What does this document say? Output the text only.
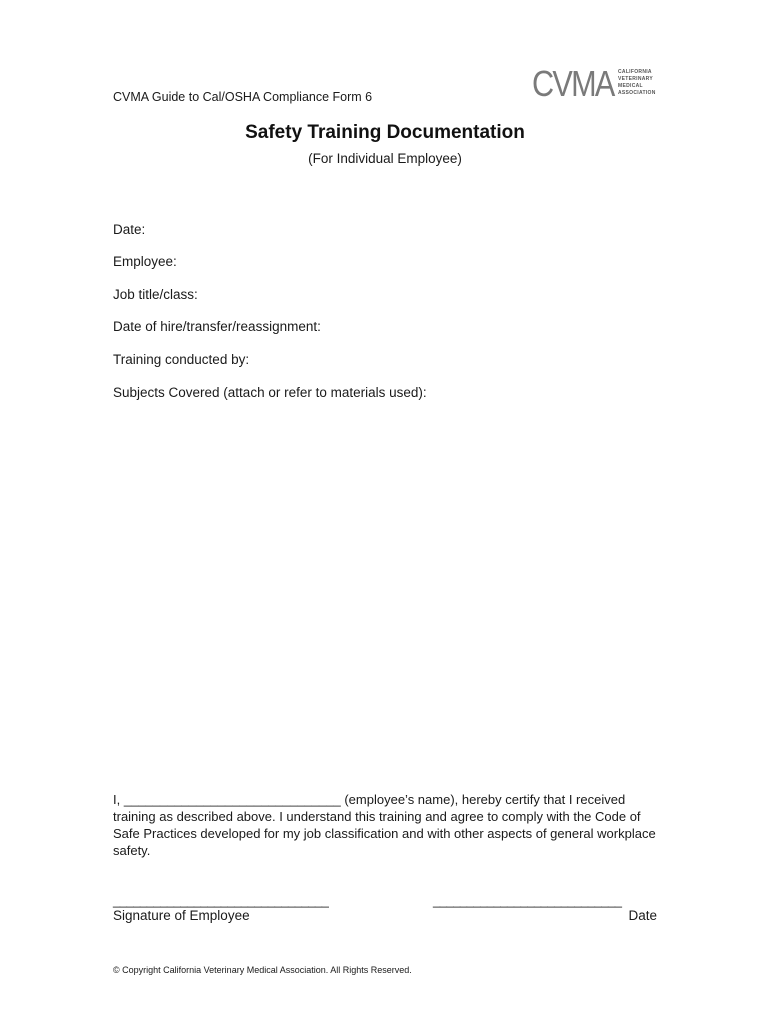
CVMA Guide to Cal/OSHA Compliance Form 6	CVMA CALIFORNIA
VETERINARY
MEDICAL
ASSOCIATION
Safety Training Documentation
(For Individual Employee)
Date:
Employee:
Job title/class:
Date of hire/transfer/reassignment:
Training conducted by:
Subjects Covered (attach or refer to materials used):
I, ______________________________ (employee’s name), hereby certify that I received training as described above. I understand this training and agree to comply with the Code of Safe Practices developed for my job classification and with other aspects of general workplace safety.
________________________________	____________________________
Signature of Employee	Date
© Copyright California Veterinary Medical Association. All Rights Reserved.
